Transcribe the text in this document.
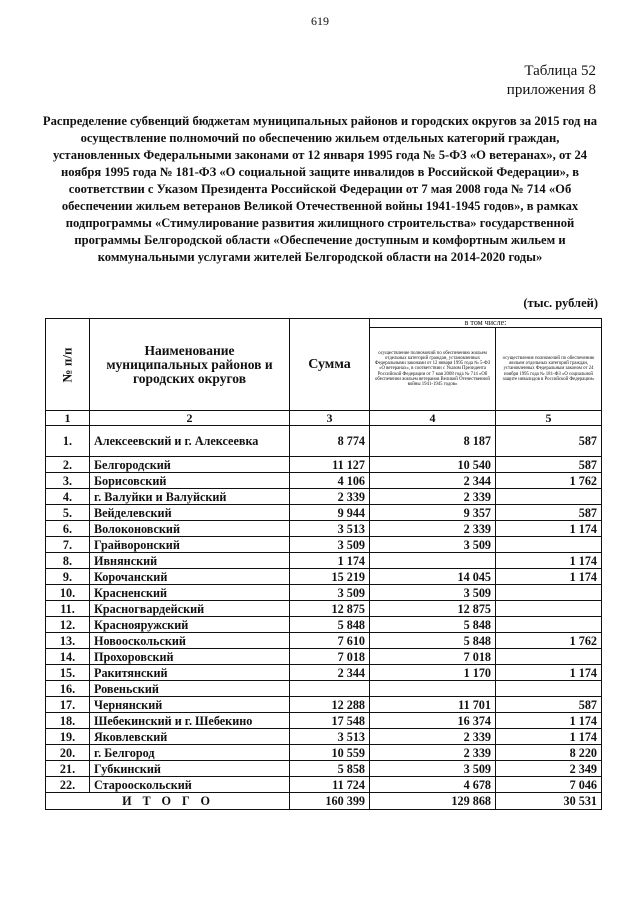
619
Таблица 52
приложения 8
Распределение субвенций бюджетам муниципальных районов и городских округов за 2015 год на осуществление полномочий по обеспечению жильем отдельных категорий граждан, установленных Федеральными законами от 12 января 1995 года № 5-ФЗ «О ветеранах», от 24 ноября 1995 года № 181-ФЗ «О социальной защите инвалидов в Российской Федерации», в соответствии с Указом Президента Российской Федерации от 7 мая 2008 года № 714 «Об обеспечении жильем ветеранов Великой Отечественной войны 1941-1945 годов», в рамках подпрограммы «Стимулирование развития жилищного строительства» государственной программы Белгородской области «Обеспечение доступным и комфортным жильем и коммунальными услугами жителей Белгородской области на 2014-2020 годы»
(тыс. рублей)
№ п/п	Наименование муниципальных районов и городских округов	Сумма	в том числе:	
			осуществление полномочий по обеспечению жильем отдельных категорий граждан, установленных Федеральными законами от 12 января 1995 года № 5-ФЗ «О ветеранах», в соответствии с Указом Президента Российской Федерации от 7 мая 2008 года № 714 «Об обеспечении жильем ветеранов Великой Отечественной войны 1941-1945 годов»	осуществление полномочий по обеспечению жильем отдельных категорий граждан, установленных Федеральным законом от 24 ноября 1995 года № 181-ФЗ «О социальной защите инвалидов в Российской Федерации»
1	2	3	4	5
1.	Алексеевский и г. Алексеевка	8 774	8 187	587
2.	Белгородский	11 127	10 540	587
3.	Борисовский	4 106	2 344	1 762
4.	г. Валуйки и Валуйский	2 339	2 339	
5.	Вейделевский	9 944	9 357	587
6.	Волоконовский	3 513	2 339	1 174
7.	Грайворонский	3 509	3 509	
8.	Ивнянский	1 174		1 174
9.	Корочанский	15 219	14 045	1 174
10.	Красненский	3 509	3 509	
11.	Красногвардейский	12 875	12 875	
12.	Краснояружский	5 848	5 848	
13.	Новооскольский	7 610	5 848	1 762
14.	Прохоровский	7 018	7 018	
15.	Ракитянский	2 344	1 170	1 174
16.	Ровеньский			
17.	Чернянский	12 288	11 701	587
18.	Шебекинский и г. Шебекино	17 548	16 374	1 174
19.	Яковлевский	3 513	2 339	1 174
20.	г. Белгород	10 559	2 339	8 220
21.	Губкинский	5 858	3 509	2 349
22.	Старооскольский	11 724	4 678	7 046
ИТОГО		160 399	129 868	30 531
